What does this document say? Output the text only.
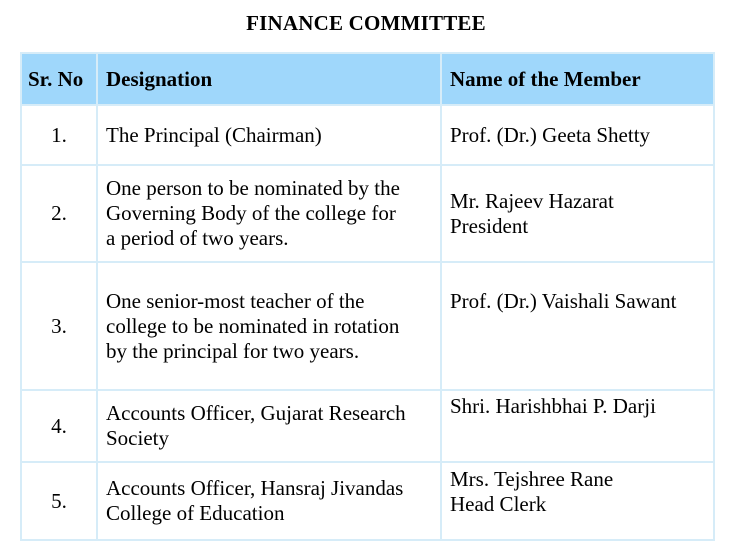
FINANCE COMMITTEE
Sr. No	Designation	Name of the Member
1.	The Principal (Chairman)	Prof. (Dr.) Geeta Shetty

2.	One person to be nominated by the
Governing Body of the college for
a period of two years.	Mr. Rajeev Hazarat
President

3.	One senior-most teacher of the
college to be nominated in rotation
by the principal for two years.	Prof. (Dr.) Vaishali Sawant

4.	Accounts Officer, Gujarat Research
Society	Shri. Harishbhai P. Darji

5.	Accounts Officer, Hansraj Jivandas
College of Education	Mrs. Tejshree Rane
Head Clerk
